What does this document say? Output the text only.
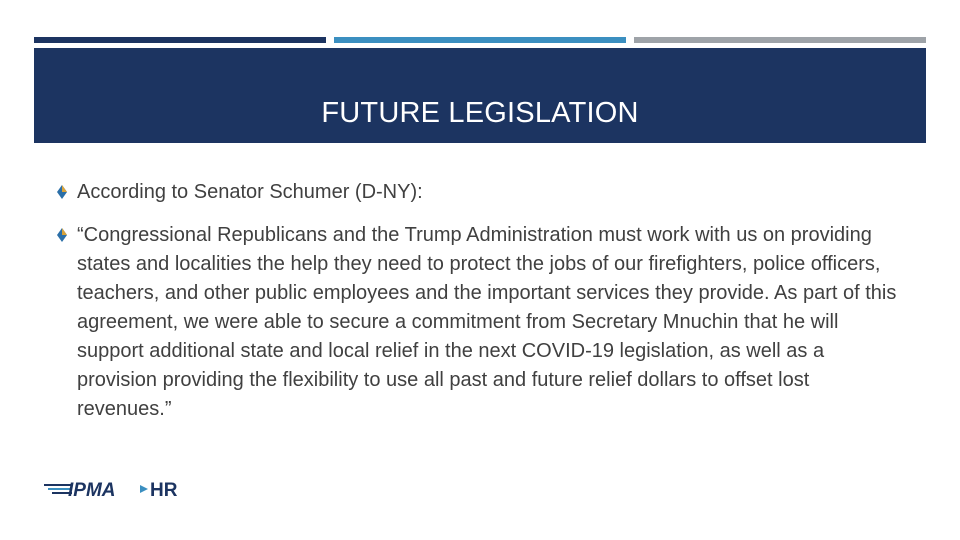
FUTURE LEGISLATION
According to Senator Schumer (D-NY):
“Congressional Republicans and the Trump Administration must work with us on providing states and localities the help they need to protect the jobs of our firefighters, police officers, teachers, and other public employees and the important services they provide. As part of this agreement, we were able to secure a commitment from Secretary Mnuchin that he will support additional state and local relief in the next COVID-19 legislation, as well as a provision providing the flexibility to use all past and future relief dollars to offset lost revenues.”
IPMA HR
